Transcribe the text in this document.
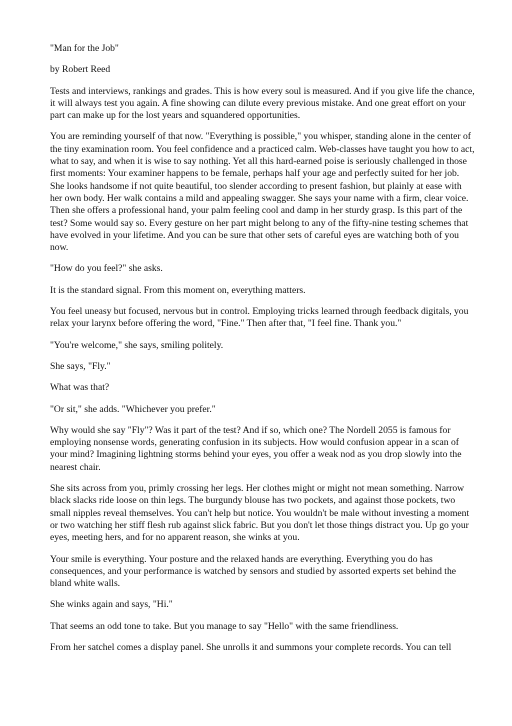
"Man for the Job"

by Robert Reed

Tests and interviews, rankings and grades. This is how every soul is measured. And if you give life the chance, it will always test you again. A fine showing can dilute every previous mistake. And one great effort on your part can make up for the lost years and squandered opportunities.

You are reminding yourself of that now. "Everything is possible," you whisper, standing alone in the center of the tiny examination room. You feel confidence and a practiced calm. Web-classes have taught you how to act, what to say, and when it is wise to say nothing. Yet all this hard-earned poise is seriously challenged in those first moments: Your examiner happens to be female, perhaps half your age and perfectly suited for her job. She looks handsome if not quite beautiful, too slender according to present fashion, but plainly at ease with her own body. Her walk contains a mild and appealing swagger. She says your name with a firm, clear voice. Then she offers a professional hand, your palm feeling cool and damp in her sturdy grasp. Is this part of the test? Some would say so. Every gesture on her part might belong to any of the fifty-nine testing schemes that have evolved in your lifetime. And you can be sure that other sets of careful eyes are watching both of you now.

"How do you feel?" she asks.

It is the standard signal. From this moment on, everything matters.

You feel uneasy but focused, nervous but in control. Employing tricks learned through feedback digitals, you relax your larynx before offering the word, "Fine." Then after that, "I feel fine. Thank you."

"You're welcome," she says, smiling politely.

She says, "Fly."

What was that?

"Or sit," she adds. "Whichever you prefer."

Why would she say "Fly"? Was it part of the test? And if so, which one? The Nordell 2055 is famous for employing nonsense words, generating confusion in its subjects. How would confusion appear in a scan of your mind? Imagining lightning storms behind your eyes, you offer a weak nod as you drop slowly into the nearest chair.

She sits across from you, primly crossing her legs. Her clothes might or might not mean something. Narrow black slacks ride loose on thin legs. The burgundy blouse has two pockets, and against those pockets, two small nipples reveal themselves. You can't help but notice. You wouldn't be male without investing a moment or two watching her stiff flesh rub against slick fabric. But you don't let those things distract you. Up go your eyes, meeting hers, and for no apparent reason, she winks at you.

Your smile is everything. Your posture and the relaxed hands are everything. Everything you do has consequences, and your performance is watched by sensors and studied by assorted experts set behind the bland white walls.

She winks again and says, "Hi."

That seems an odd tone to take. But you manage to say "Hello" with the same friendliness.

From her satchel comes a display panel. She unrolls it and summons your complete records. You can tell
